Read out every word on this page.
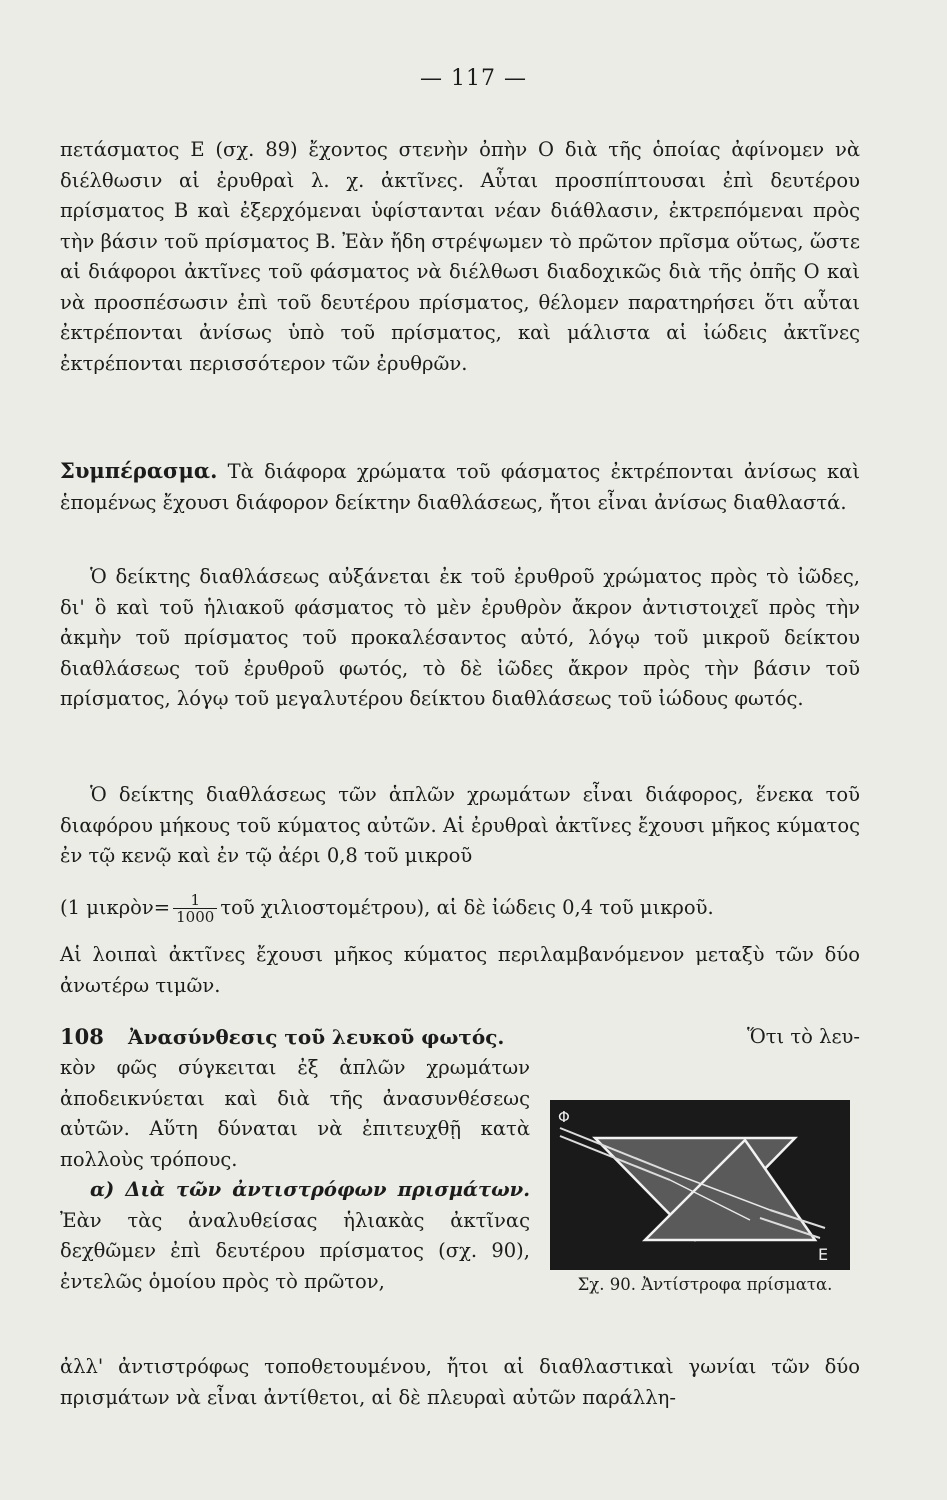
— 117 —

πετάσματος Ε (σχ. 89) ἔχοντος στενὴν ὀπὴν Ο διὰ τῆς ὁποίας ἀφίνομεν νὰ διέλθωσιν αἱ ἐρυθραὶ λ. χ. ἀκτῖνες. Αὗται προσπίπτουσαι ἐπὶ δευτέρου πρίσματος Β καὶ ἐξερχόμεναι ὑφίστανται νέαν διάθλασιν, ἐκτρεπόμεναι πρὸς τὴν βάσιν τοῦ πρίσματος Β. Ἐὰν ἤδη στρέψωμεν τὸ πρῶτον πρῖσμα οὕτως, ὥστε αἱ διάφοροι ἀκτῖνες τοῦ φάσματος νὰ διέλθωσι διαδοχικῶς διὰ τῆς ὀπῆς Ο καὶ νὰ προσπέσωσιν ἐπὶ τοῦ δευτέρου πρίσματος, θέλομεν παρατηρήσει ὅτι αὗται ἐκτρέπονται ἀνίσως ὑπὸ τοῦ πρίσματος, καὶ μάλιστα αἱ ἰώδεις ἀκτῖνες ἐκτρέπονται περισσότερον τῶν ἐρυθρῶν.

Συμπέρασμα. Τὰ διάφορα χρώματα τοῦ φάσματος ἐκτρέπονται ἀνίσως καὶ ἑπομένως ἔχουσι διάφορον δείκτην διαθλάσεως, ἤτοι εἶναι ἀνίσως διαθλαστά.

Ὁ δείκτης διαθλάσεως αὐξάνεται ἐκ τοῦ ἐρυθροῦ χρώματος πρὸς τὸ ἰῶδες, δι' ὃ καὶ τοῦ ἡλιακοῦ φάσματος τὸ μὲν ἐρυθρὸν ἄκρον ἀντιστοιχεῖ πρὸς τὴν ἀκμὴν τοῦ πρίσματος τοῦ προκαλέσαντος αὐτό, λόγῳ τοῦ μικροῦ δείκτου διαθλάσεως τοῦ ἐρυθροῦ φωτός, τὸ δὲ ἰῶδες ἄκρον πρὸς τὴν βάσιν τοῦ πρίσματος, λόγῳ τοῦ μεγαλυτέρου δείκτου διαθλάσεως τοῦ ἰώδους φωτός.

Ὁ δείκτης διαθλάσεως τῶν ἁπλῶν χρωμάτων εἶναι διάφορος, ἕνεκα τοῦ διαφόρου μήκους τοῦ κύματος αὐτῶν. Αἱ ἐρυθραὶ ἀκτῖνες ἔχουσι μῆκος κύματος ἐν τῷ κενῷ καὶ ἐν τῷ ἀέρι 0,8 τοῦ μικροῦ

(1 μικρὸν= $\frac{1}{1000}$ τοῦ χιλιοστομέτρου), αἱ δὲ ἰώδεις 0,4 τοῦ μικροῦ.

Αἱ λοιπαὶ ἀκτῖνες ἔχουσι μῆκος κύματος περιλαμβανόμενον μεταξὺ τῶν δύο ἀνωτέρω τιμῶν.

108 Ἀνασύνθεσις τοῦ λευκοῦ φωτός.	Ὅτι τὸ λευ-

κὸν φῶς σύγκειται ἐξ ἁπλῶν χρωμάτων ἀποδεικνύεται καὶ διὰ τῆς ἀνασυνθέσεως αὐτῶν. Αὕτη δύναται νὰ ἐπιτευχθῇ κατὰ πολλοὺς τρόπους.

α) Διὰ τῶν ἀντιστρόφων πρισμάτων. Ἐὰν τὰς ἀναλυθείσας ἡλιακὰς ἀκτῖνας δεχθῶμεν ἐπὶ δευτέρου πρίσματος (σχ. 90), ἐντελῶς ὁμοίου πρὸς τὸ πρῶτον,

Φ
Ε
Σχ. 90. Ἀντίστροφα πρίσματα.

ἀλλ' ἀντιστρόφως τοποθετουμένου, ἤτοι αἱ διαθλαστικαὶ γωνίαι τῶν δύο πρισμάτων νὰ εἶναι ἀντίθετοι, αἱ δὲ πλευραὶ αὐτῶν παράλλη-
